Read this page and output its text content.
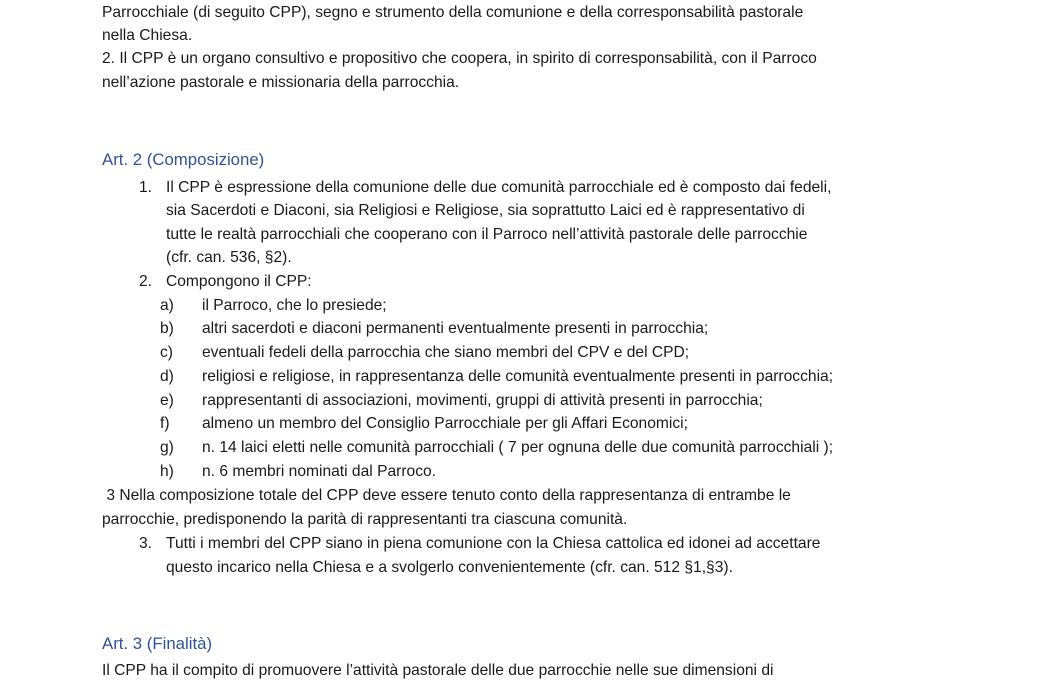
Parrocchiale (di seguito CPP), segno e strumento della comunione e della corresponsabilità pastorale
nella Chiesa.
2. Il CPP è un organo consultivo e propositivo che coopera, in spirito di corresponsabilità, con il Parroco
nell’azione pastorale e missionaria della parrocchia.
Art. 2 (Composizione)
1. Il CPP è espressione della comunione delle due comunità parrocchiale ed è composto dai fedeli,
sia Sacerdoti e Diaconi, sia Religiosi e Religiose, sia soprattutto Laici ed è rappresentativo di
tutte le realtà parrocchiali che cooperano con il Parroco nell’attività pastorale delle parrocchie
(cfr. can. 536, §2).
2. Compongono il CPP:
a)	il Parroco, che lo presiede;
b)	altri sacerdoti e diaconi permanenti eventualmente presenti in parrocchia;
c)	eventuali fedeli della parrocchia che siano membri del CPV e del CPD;
d)	religiosi e religiose, in rappresentanza delle comunità eventualmente presenti in parrocchia;
e)	rappresentanti di associazioni, movimenti, gruppi di attività presenti in parrocchia;
f)	almeno un membro del Consiglio Parrocchiale per gli Affari Economici;
g)	n. 14 laici eletti nelle comunità parrocchiali ( 7 per ognuna delle due comunità parrocchiali );
h)	n. 6 membri nominati dal Parroco.
3 Nella composizione totale del CPP deve essere tenuto conto della rappresentanza di entrambe le
parrocchie, predisponendo la parità di rappresentanti tra ciascuna comunità.
3. Tutti i membri del CPP siano in piena comunione con la Chiesa cattolica ed idonei ad accettare
questo incarico nella Chiesa e a svolgerlo convenientemente (cfr. can. 512 §1,§3).
Art. 3 (Finalità)
Il CPP ha il compito di promuovere l’attività pastorale delle due parrocchie nelle sue dimensioni di
